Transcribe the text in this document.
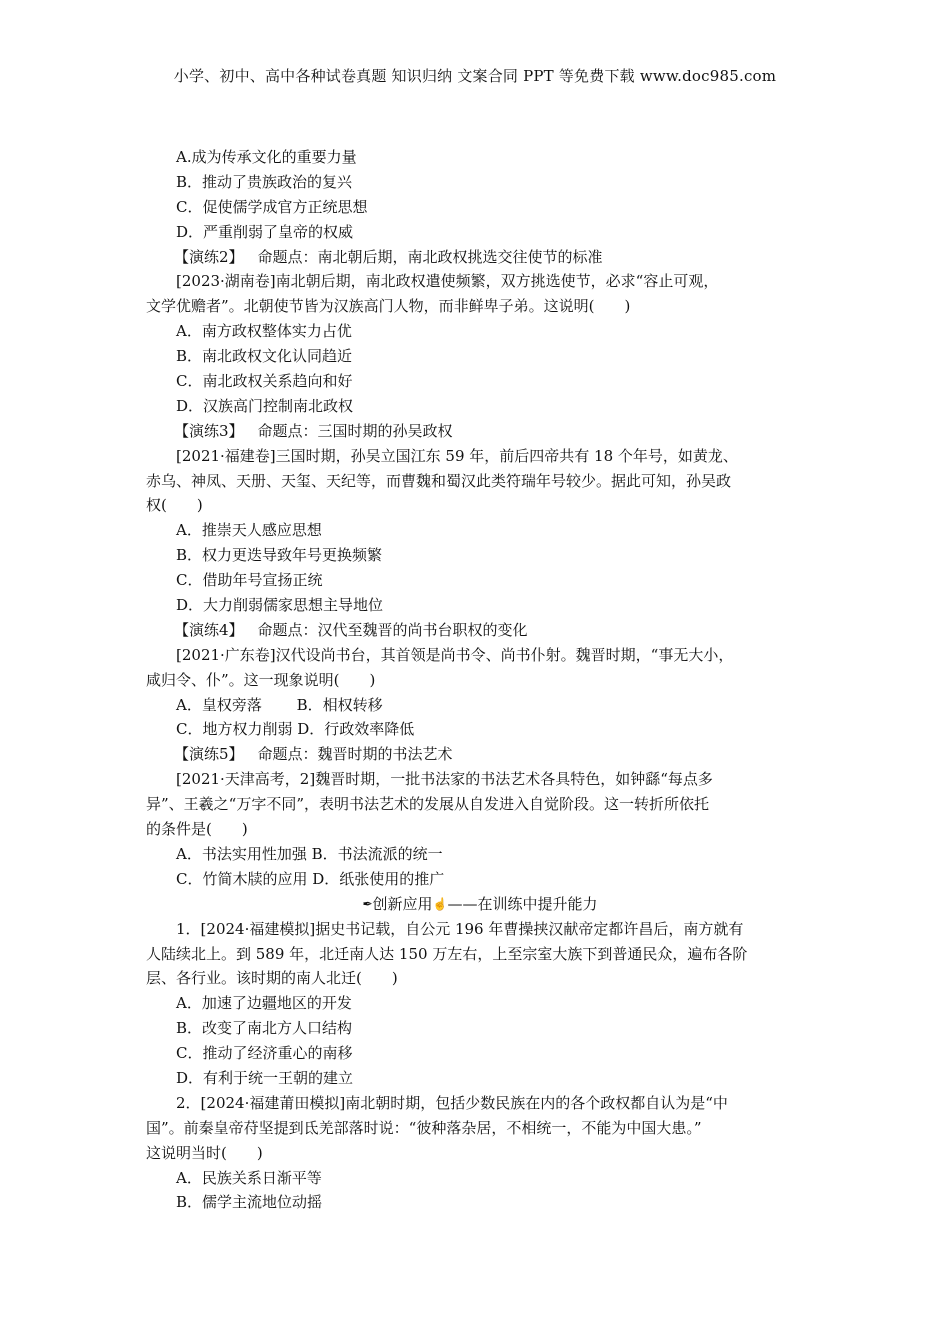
小学、初中、高中各种试卷真题 知识归纳 文案合同 PPT 等免费下载 www.doc985.com
A.成为传承文化的重要力量
B．推动了贵族政治的复兴
C．促使儒学成官方正统思想
D．严重削弱了皇帝的权威
【演练2】 命题点：南北朝后期，南北政权挑选交往使节的标准
[2023·湖南卷]南北朝后期，南北政权遣使频繁，双方挑选使节，必求“容止可观，
文学优赡者”。北朝使节皆为汉族高门人物，而非鲜卑子弟。这说明(　　)
A．南方政权整体实力占优
B．南北政权文化认同趋近
C．南北政权关系趋向和好
D．汉族高门控制南北政权
【演练3】 命题点：三国时期的孙吴政权
[2021·福建卷]三国时期，孙吴立国江东 59 年，前后四帝共有 18 个年号，如黄龙、
赤乌、神凤、天册、天玺、天纪等，而曹魏和蜀汉此类符瑞年号较少。据此可知，孙吴政
权(　　)
A．推崇天人感应思想
B．权力更迭导致年号更换频繁
C．借助年号宣扬正统
D．大力削弱儒家思想主导地位
【演练4】 命题点：汉代至魏晋的尚书台职权的变化
[2021·广东卷]汉代设尚书台，其首领是尚书令、尚书仆射。魏晋时期，“事无大小，
咸归令、仆”。这一现象说明(　　)
A．皇权旁落　　 B．相权转移
C．地方权力削弱 D．行政效率降低
【演练5】 命题点：魏晋时期的书法艺术
[2021·天津高考，2]魏晋时期，一批书法家的书法艺术各具特色，如钟繇“每点多
异”、王羲之“万字不同”，表明书法艺术的发展从自发进入自觉阶段。这一转折所依托
的条件是(　　)
A．书法实用性加强 B．书法流派的统一
C．竹简木牍的应用 D．纸张使用的推广
✒创新应用☝——在训练中提升能力
1．[2024·福建模拟]据史书记载，自公元 196 年曹操挟汉献帝定都许昌后，南方就有
人陆续北上。到 589 年，北迁南人达 150 万左右，上至宗室大族下到普通民众，遍布各阶
层、各行业。该时期的南人北迁(　　)
A．加速了边疆地区的开发
B．改变了南北方人口结构
C．推动了经济重心的南移
D．有利于统一王朝的建立
2．[2024·福建莆田模拟]南北朝时期，包括少数民族在内的各个政权都自认为是“中
国”。前秦皇帝苻坚提到氐羌部落时说：“彼种落杂居，不相统一，不能为中国大患。”
这说明当时(　　)
A．民族关系日渐平等
B．儒学主流地位动摇
